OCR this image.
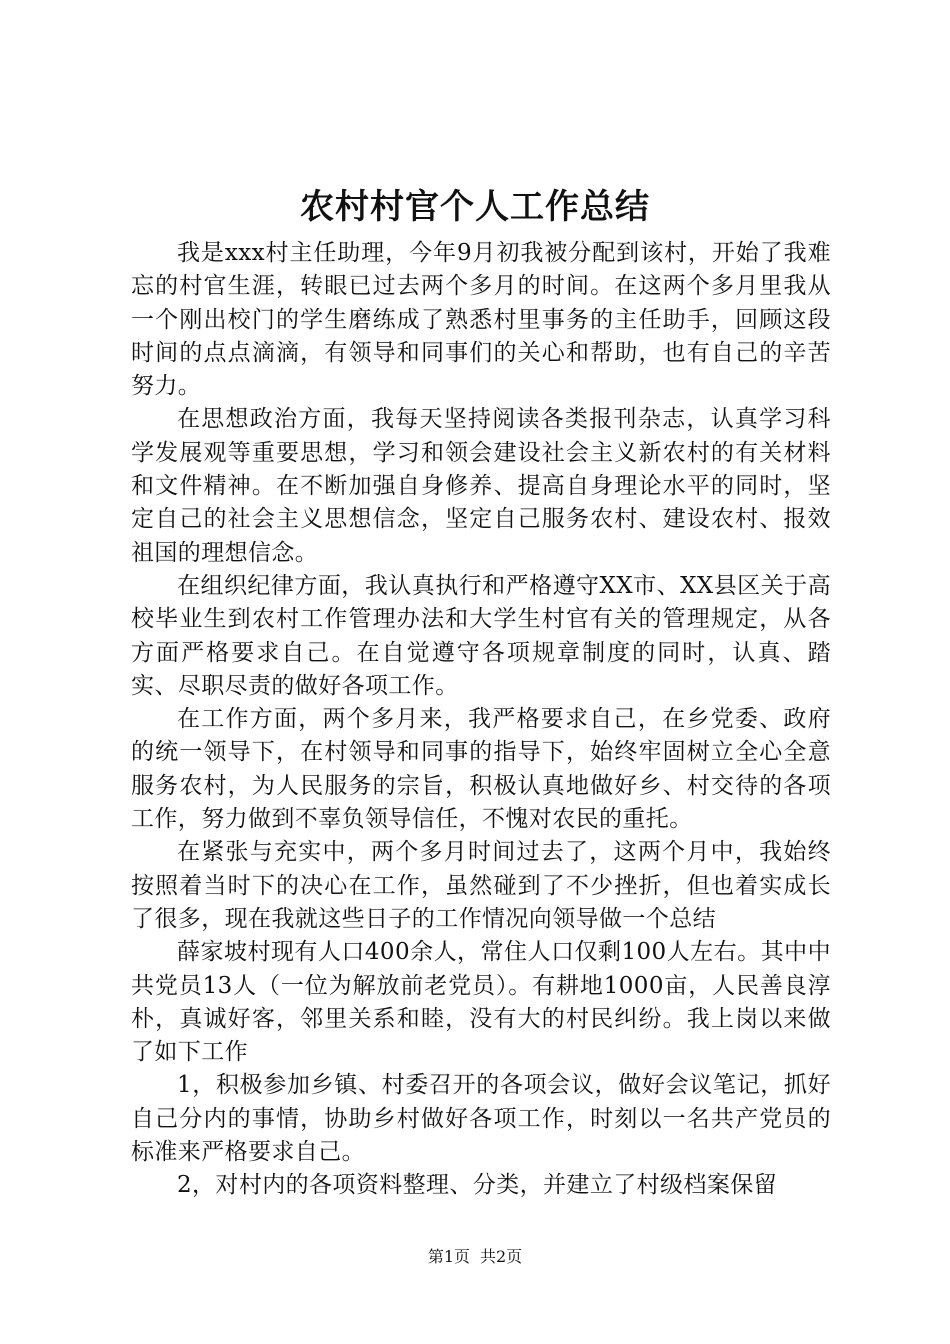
农村村官个人工作总结

我是xxx村主任助理，今年9月初我被分配到该村，开始了我难忘的村官生涯，转眼已过去两个多月的时间。在这两个多月里我从一个刚出校门的学生磨练成了熟悉村里事务的主任助手，回顾这段时间的点点滴滴，有领导和同事们的关心和帮助，也有自己的辛苦努力。

在思想政治方面，我每天坚持阅读各类报刊杂志，认真学习科学发展观等重要思想，学习和领会建设社会主义新农村的有关材料和文件精神。在不断加强自身修养、提高自身理论水平的同时，坚定自己的社会主义思想信念，坚定自己服务农村、建设农村、报效祖国的理想信念。

在组织纪律方面，我认真执行和严格遵守XX市、XX县区关于高校毕业生到农村工作管理办法和大学生村官有关的管理规定，从各方面严格要求自己。在自觉遵守各项规章制度的同时，认真、踏实、尽职尽责的做好各项工作。

在工作方面，两个多月来，我严格要求自己，在乡党委、政府的统一领导下，在村领导和同事的指导下，始终牢固树立全心全意服务农村，为人民服务的宗旨，积极认真地做好乡、村交待的各项工作，努力做到不辜负领导信任，不愧对农民的重托。

在紧张与充实中，两个多月时间过去了，这两个月中，我始终按照着当时下的决心在工作，虽然碰到了不少挫折，但也着实成长了很多，现在我就这些日子的工作情况向领导做一个总结

薛家坡村现有人口400余人，常住人口仅剩100人左右。其中中共党员13人（一位为解放前老党员）。有耕地1000亩，人民善良淳朴，真诚好客，邻里关系和睦，没有大的村民纠纷。我上岗以来做了如下工作

1，积极参加乡镇、村委召开的各项会议，做好会议笔记，抓好自己分内的事情，协助乡村做好各项工作，时刻以一名共产党员的标准来严格要求自己。

2，对村内的各项资料整理、分类，并建立了村级档案保留

第1页 共2页
